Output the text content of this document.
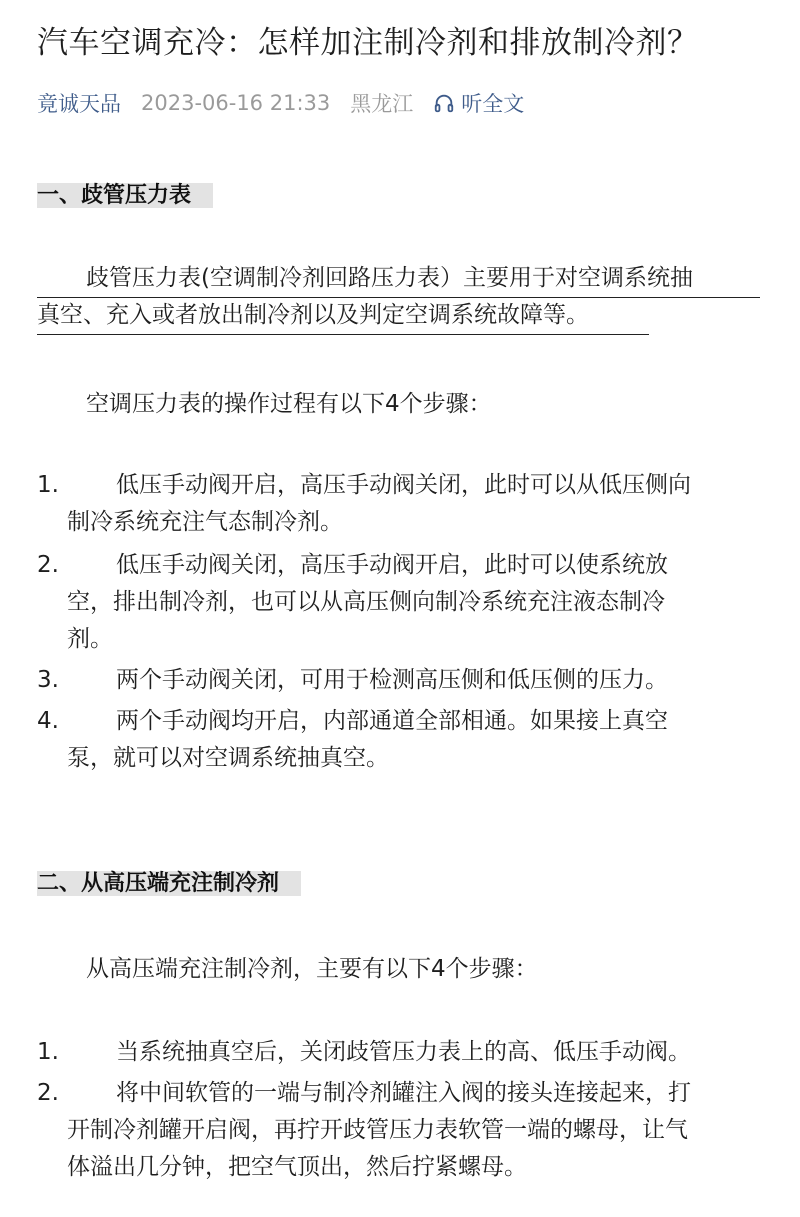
汽车空调充冷：怎样加注制冷剂和排放制冷剂？
竟诚天品 2023-06-16 21:33 黑龙江 听全文
一、歧管压力表
歧管压力表(空调制冷剂回路压力表）主要用于对空调系统抽
真空、充入或者放出制冷剂以及判定空调系统故障等。

空调压力表的操作过程有以下4个步骤：

1.	低压手动阀开启，高压手动阀关闭，此时可以从低压侧向
制冷系统充注气态制冷剂。
2.	低压手动阀关闭，高压手动阀开启，此时可以使系统放
空，排出制冷剂，也可以从高压侧向制冷系统充注液态制冷
剂。
3.	两个手动阀关闭，可用于检测高压侧和低压侧的压力。
4.	两个手动阀均开启，内部通道全部相通。如果接上真空
泵，就可以对空调系统抽真空。
二、从高压端充注制冷剂

从高压端充注制冷剂，主要有以下4个步骤：

1.	当系统抽真空后，关闭歧管压力表上的高、低压手动阀。
2.	将中间软管的一端与制冷剂罐注入阀的接头连接起来，打
开制冷剂罐开启阀，再拧开歧管压力表软管一端的螺母，让气
体溢出几分钟，把空气顶出，然后拧紧螺母。
